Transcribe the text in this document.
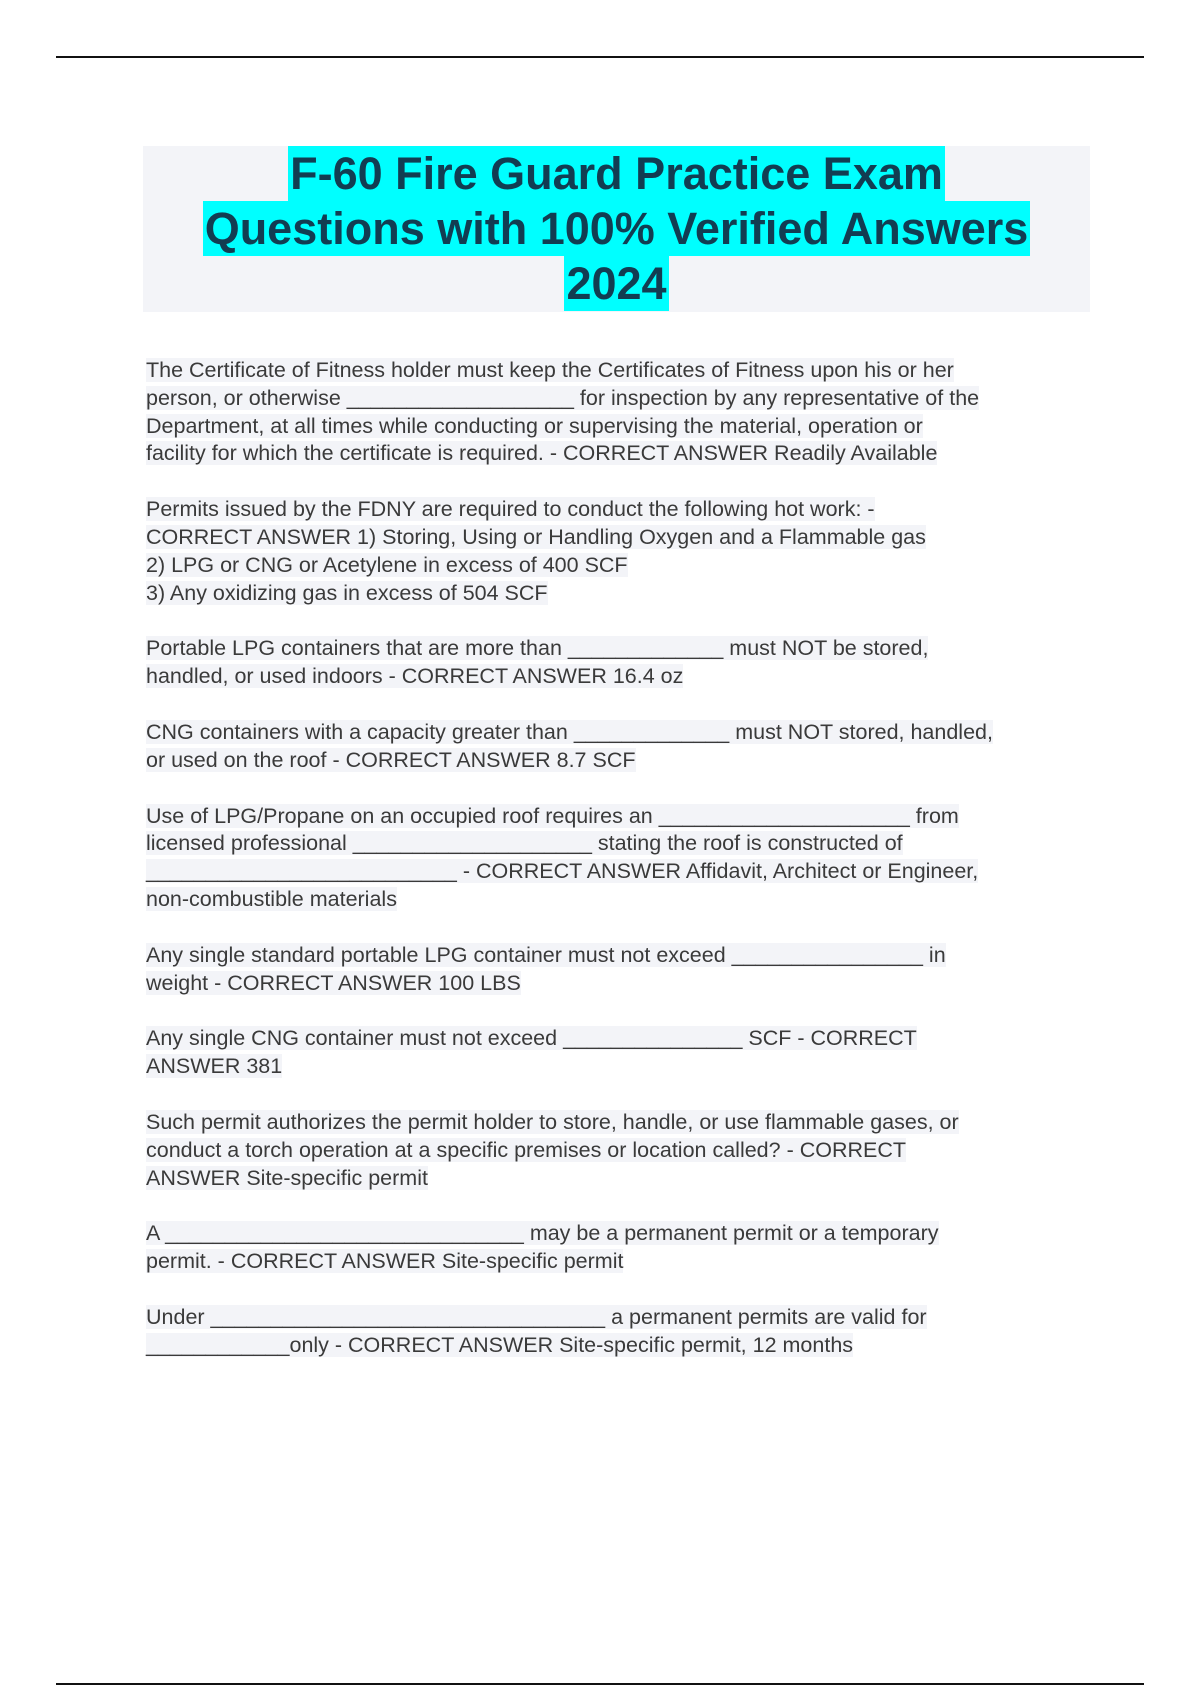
F-60 Fire Guard Practice Exam
Questions with 100% Verified Answers
2024
The Certificate of Fitness holder must keep the Certificates of Fitness upon his or her
person, or otherwise ___________________ for inspection by any representative of the
Department, at all times while conducting or supervising the material, operation or
facility for which the certificate is required. - CORRECT ANSWER Readily Available
Permits issued by the FDNY are required to conduct the following hot work: -
CORRECT ANSWER 1) Storing, Using or Handling Oxygen and a Flammable gas
2) LPG or CNG or Acetylene in excess of 400 SCF
3) Any oxidizing gas in excess of 504 SCF
Portable LPG containers that are more than _____________ must NOT be stored,
handled, or used indoors - CORRECT ANSWER 16.4 oz
CNG containers with a capacity greater than _____________ must NOT stored, handled,
or used on the roof - CORRECT ANSWER 8.7 SCF
Use of LPG/Propane on an occupied roof requires an _____________________ from
licensed professional ____________________ stating the roof is constructed of
__________________________ - CORRECT ANSWER Affidavit, Architect or Engineer,
non-combustible materials
Any single standard portable LPG container must not exceed ________________ in
weight - CORRECT ANSWER 100 LBS
Any single CNG container must not exceed _______________ SCF - CORRECT
ANSWER 381
Such permit authorizes the permit holder to store, handle, or use flammable gases, or
conduct a torch operation at a specific premises or location called? - CORRECT
ANSWER Site-specific permit
A ______________________________ may be a permanent permit or a temporary
permit. - CORRECT ANSWER Site-specific permit
Under _________________________________ a permanent permits are valid for
____________only - CORRECT ANSWER Site-specific permit, 12 months
